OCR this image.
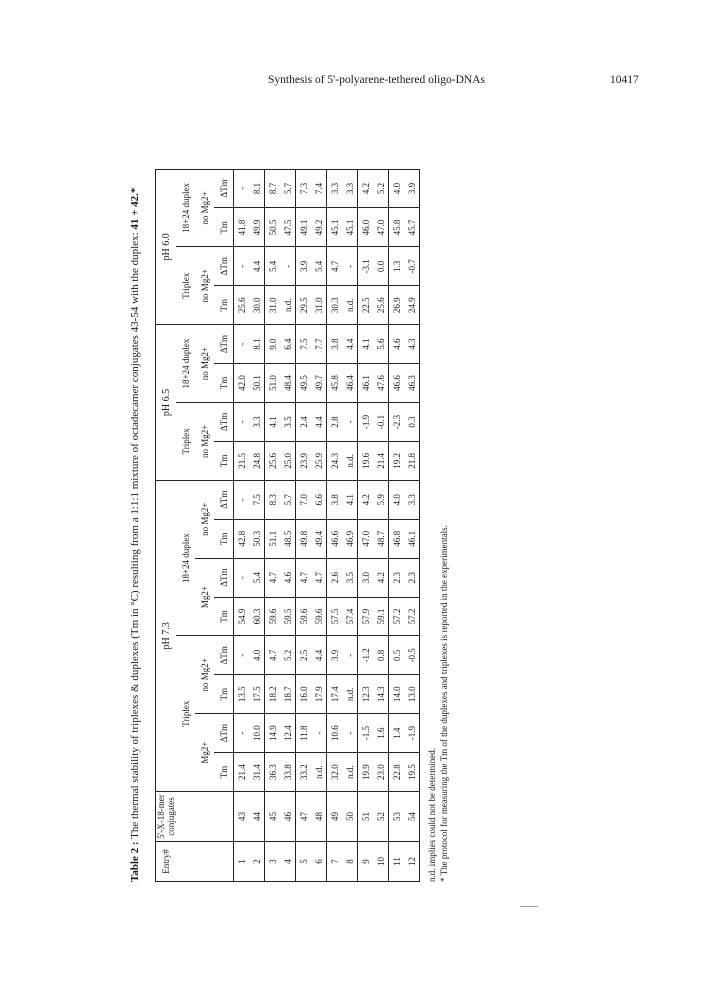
Synthesis of 5'-polyarene-tethered oligo-DNAs	10417

Table 2 : The thermal stability of triplexes & duplexes (Tm in °C) resulting from a 1:1:1 mixture of octadecamer conjugates 43-54 with the duplex: 41 + 42.*

Entry#	5'-X-18-mer conjugates	pH 7.3								pH 6.5				pH 6.0			
		Triplex				18+24 duplex				Triplex		18+24 duplex		Triplex		18+24 duplex	
		Mg2+		no Mg2+		Mg2+		no Mg2+		no Mg2+		no Mg2+		no Mg2+		no Mg2+	
		Tm	ΔTm	Tm	ΔTm	Tm	ΔTm	Tm	ΔTm	Tm	ΔTm	Tm	ΔTm	Tm	ΔTm	Tm	ΔTm
1	43	21.4	-	13.5	-	54.9	-	42.8	-	21.5	-	42.0	-	25.6	-	41.8	-
2	44	31.4	10.0	17.5	4.0	60.3	5.4	50.3	7.5	24.8	3.3	50.1	8.1	30.0	4.4	49.9	8.1
3	45	36.3	14.9	18.2	4.7	59.6	4.7	51.1	8.3	25.6	4.1	51.0	9.0	31.0	5.4	50.5	8.7
4	46	33.8	12.4	18.7	5.2	59.5	4.6	48.5	5.7	25.0	3.5	48.4	6.4	n.d.	-	47.5	5.7
5	47	33.2	11.8	16.0	2.5	59.6	4.7	49.8	7.0	23.9	2.4	49.5	7.5	29.5	3.9	49.1	7.3
6	48	n.d.	-	17.9	4.4	59.6	4.7	49.4	6.6	25.9	4.4	49.7	7.7	31.0	5.4	49.2	7.4
7	49	32.0	10.6	17.4	3.9	57.5	2.6	46.6	3.8	24.3	2.8	45.8	3.8	30.3	4.7	45.1	3.3
8	50	n.d.	-	n.d.	-	57.4	3.5	46.9	4.1	n.d.	-	46.4	4.4	n.d.	-	45.1	3.3
9	51	19.9	-1.5	12.3	-1.2	57.9	3.0	47.0	4.2	19.6	-1.9	46.1	4.1	22.5	-3.1	46.0	4.2
10	52	23.0	1.6	14.3	0.8	59.1	4.2	48.7	5.9	21.4	-0.1	47.6	5.6	25.6	0.0	47.0	5.2
11	53	22.8	1.4	14.0	0.5	57.2	2.3	46.8	4.0	19.2	-2.3	46.6	4.6	26.9	1.3	45.8	4.0
12	54	19.5	-1.9	13.0	-0.5	57.2	2.3	46.1	3.3	21.8	0.3	46.3	4.3	24.9	-0.7	45.7	3.9
n.d. implies could not be determined. * The protocol for measuring the Tm of the duplexes and triplexes is reported in the experimentals.
